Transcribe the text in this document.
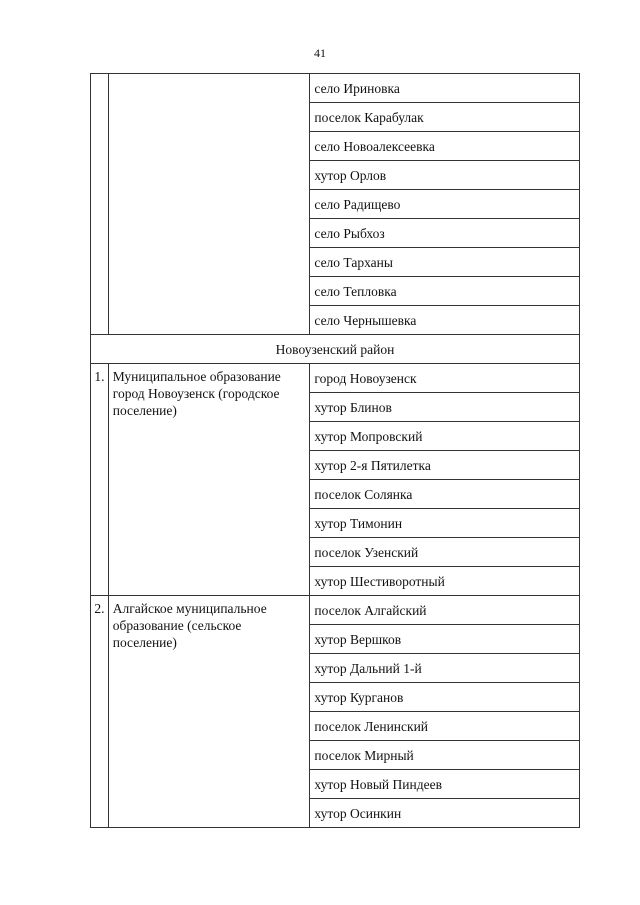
41
		село Ириновка
		поселок Карабулак
		село Новоалексеевка
		хутор Орлов
		село Радищево
		село Рыбхоз
		село Тарханы
		село Тепловка
		село Чернышевка
Новоузенский район		
1.	Муниципальное образование город Новоузенск (городское поселение)	город Новоузенск
		хутор Блинов
		хутор Мопровский
		хутор 2-я Пятилетка
		поселок Солянка
		хутор Тимонин
		поселок Узенский
		хутор Шестиворотный
2.	Алгайское муниципальное образование (сельское поселение)	поселок Алгайский
		хутор Вершков
		хутор Дальний 1-й
		хутор Курганов
		поселок Ленинский
		поселок Мирный
		хутор Новый Пиндеев
		хутор Осинкин
